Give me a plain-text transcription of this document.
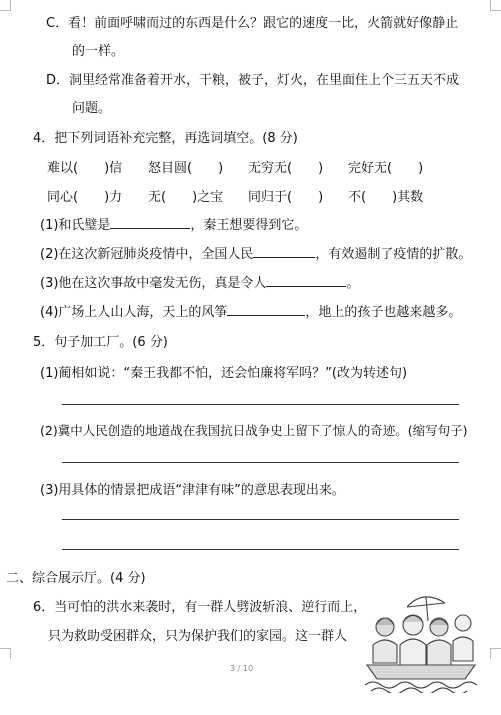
C．看！前面呼啸而过的东西是什么？跟它的速度一比，火箭就好像静止
的一样。
D．洞里经常准备着开水，干粮，被子，灯火，在里面住上个三五天不成
问题。
4．把下列词语补充完整，再选词填空。(8 分)
难以(　　)信 怒目圆(　　) 无穷无(　　) 完好无(　　)
同心(　　)力 无(　　)之宝 同归于(　　) 不(　　)其数
(1)和氏璧是	，秦王想要得到它。
(2)在这次新冠肺炎疫情中，全国人民	，有效遏制了疫情的扩散。
(3)他在这次事故中毫发无伤，真是令人	。
(4)广场上人山人海，天上的风筝	，地上的孩子也越来越多。
5．句子加工厂。(6 分)
(1)蔺相如说：“秦王我都不怕，还会怕廉将军吗？”(改为转述句)
(2)冀中人民创造的地道战在我国抗日战争史上留下了惊人的奇迹。(缩写句子)
(3)用具体的情景把成语“津津有味”的意思表现出来。
二、综合展示厅。(4 分)
6．当可怕的洪水来袭时，有一群人劈波斩浪、逆行而上，
只为救助受困群众，只为保护我们的家园。这一群人
3 / 10
